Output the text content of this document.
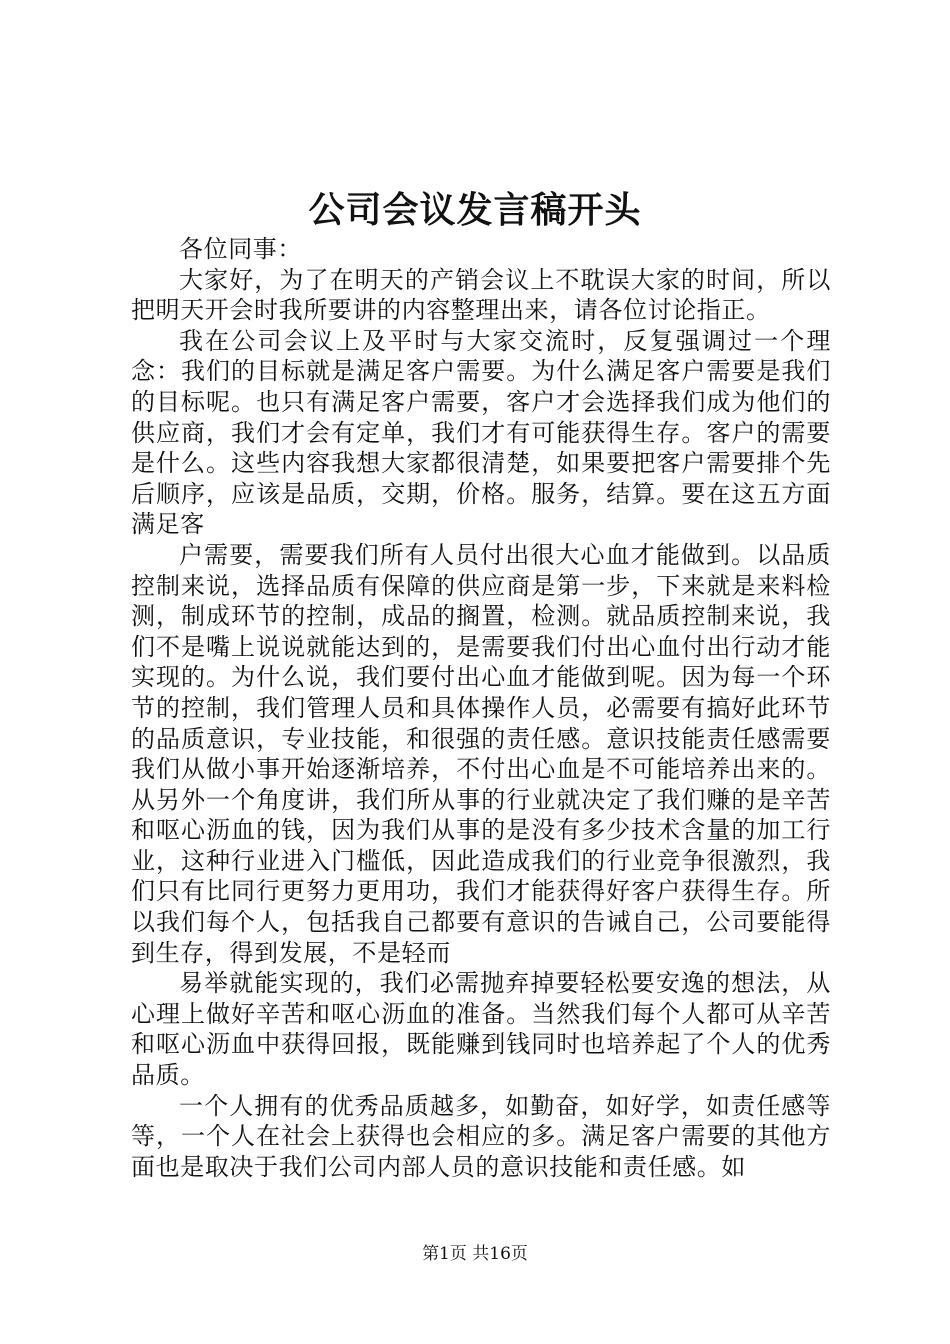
公司会议发言稿开头

各位同事：

大家好，为了在明天的产销会议上不耽误大家的时间，所以把明天开会时我所要讲的内容整理出来，请各位讨论指正。

我在公司会议上及平时与大家交流时，反复强调过一个理念：我们的目标就是满足客户需要。为什么满足客户需要是我们的目标呢。也只有满足客户需要，客户才会选择我们成为他们的供应商，我们才会有定单，我们才有可能获得生存。客户的需要是什么。这些内容我想大家都很清楚，如果要把客户需要排个先后顺序，应该是品质，交期，价格。服务，结算。要在这五方面满足客

户需要，需要我们所有人员付出很大心血才能做到。以品质控制来说，选择品质有保障的供应商是第一步，下来就是来料检测，制成环节的控制，成品的搁置，检测。就品质控制来说，我们不是嘴上说说就能达到的，是需要我们付出心血付出行动才能实现的。为什么说，我们要付出心血才能做到呢。因为每一个环节的控制，我们管理人员和具体操作人员，必需要有搞好此环节的品质意识，专业技能，和很强的责任感。意识技能责任感需要我们从做小事开始逐渐培养，不付出心血是不可能培养出来的。从另外一个角度讲，我们所从事的行业就决定了我们赚的是辛苦和呕心沥血的钱，因为我们从事的是没有多少技术含量的加工行业，这种行业进入门槛低，因此造成我们的行业竞争很激烈，我们只有比同行更努力更用功，我们才能获得好客户获得生存。所以我们每个人，包括我自己都要有意识的告诫自己，公司要能得到生存，得到发展，不是轻而

易举就能实现的，我们必需抛弃掉要轻松要安逸的想法，从心理上做好辛苦和呕心沥血的准备。当然我们每个人都可从辛苦和呕心沥血中获得回报，既能赚到钱同时也培养起了个人的优秀品质。

一个人拥有的优秀品质越多，如勤奋，如好学，如责任感等等，一个人在社会上获得也会相应的多。满足客户需要的其他方面也是取决于我们公司内部人员的意识技能和责任感。如

第1页 共16页
